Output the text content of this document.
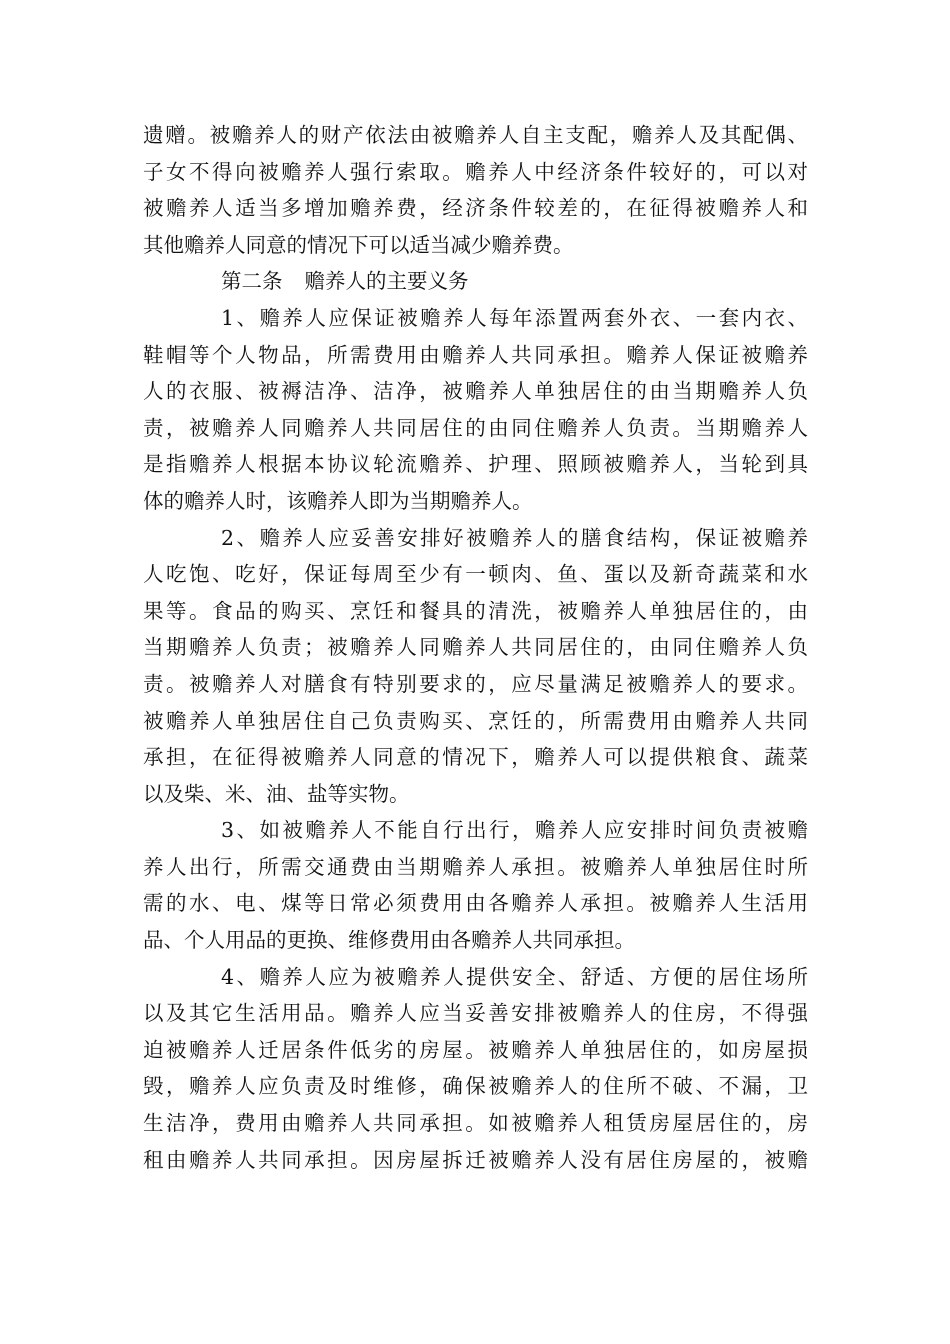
遗赠。被赡养人的财产依法由被赡养人自主支配，赡养人及其配偶、
子女不得向被赡养人强行索取。赡养人中经济条件较好的，可以对
被赡养人适当多增加赡养费，经济条件较差的，在征得被赡养人和
其他赡养人同意的情况下可以适当减少赡养费。
第二条 赡养人的主要义务
1、赡养人应保证被赡养人每年添置两套外衣、一套内衣、
鞋帽等个人物品，所需费用由赡养人共同承担。赡养人保证被赡养
人的衣服、被褥洁净、洁净，被赡养人单独居住的由当期赡养人负
责，被赡养人同赡养人共同居住的由同住赡养人负责。当期赡养人
是指赡养人根据本协议轮流赡养、护理、照顾被赡养人，当轮到具
体的赡养人时，该赡养人即为当期赡养人。
2、赡养人应妥善安排好被赡养人的膳食结构，保证被赡养
人吃饱、吃好，保证每周至少有一顿肉、鱼、蛋以及新奇蔬菜和水
果等。食品的购买、烹饪和餐具的清洗，被赡养人单独居住的，由
当期赡养人负责；被赡养人同赡养人共同居住的，由同住赡养人负
责。被赡养人对膳食有特别要求的，应尽量满足被赡养人的要求。
被赡养人单独居住自己负责购买、烹饪的，所需费用由赡养人共同
承担，在征得被赡养人同意的情况下，赡养人可以提供粮食、蔬菜
以及柴、米、油、盐等实物。
3、如被赡养人不能自行出行，赡养人应安排时间负责被赡
养人出行，所需交通费由当期赡养人承担。被赡养人单独居住时所
需的水、电、煤等日常必须费用由各赡养人承担。被赡养人生活用
品、个人用品的更换、维修费用由各赡养人共同承担。
4、赡养人应为被赡养人提供安全、舒适、方便的居住场所
以及其它生活用品。赡养人应当妥善安排被赡养人的住房，不得强
迫被赡养人迁居条件低劣的房屋。被赡养人单独居住的，如房屋损
毁，赡养人应负责及时维修，确保被赡养人的住所不破、不漏，卫
生洁净，费用由赡养人共同承担。如被赡养人租赁房屋居住的，房
租由赡养人共同承担。因房屋拆迁被赡养人没有居住房屋的，被赡
